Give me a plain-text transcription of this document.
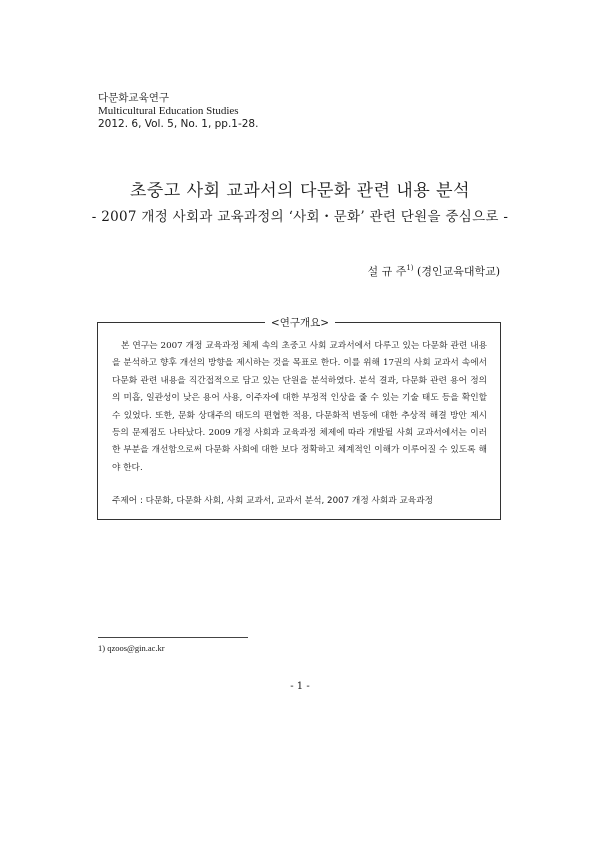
다문화교육연구
Multicultural Education Studies
2012. 6, Vol. 5, No. 1, pp.1-28.
초중고 사회 교과서의 다문화 관련 내용 분석
- 2007 개정 사회과 교육과정의 ‘사회・문화’ 관련 단원을 중심으로 -
설 규 주$^{1)}$ (경인교육대학교)
<연구개요>
본 연구는 2007 개정 교육과정 체제 속의 초중고 사회 교과서에서 다루고 있는 다문화 관련 내용을 분석하고 향후 개선의 방향을 제시하는 것을 목표로 한다. 이를 위해 17권의 사회 교과서 속에서 다문화 관련 내용을 직간접적으로 담고 있는 단원을 분석하였다. 분석 결과, 다문화 관련 용어 정의의 미흡, 일관성이 낮은 용어 사용, 이주자에 대한 부정적 인상을 줄 수 있는 기술 태도 등을 확인할 수 있었다. 또한, 문화 상대주의 태도의 편협한 적용, 다문화적 변동에 대한 추상적 해결 방안 제시 등의 문제점도 나타났다. 2009 개정 사회과 교육과정 체제에 따라 개발될 사회 교과서에서는 이러한 부분을 개선함으로써 다문화 사회에 대한 보다 정확하고 체계적인 이해가 이루어질 수 있도록 해야 한다.
주제어 : 다문화, 다문화 사회, 사회 교과서, 교과서 분석, 2007 개정 사회과 교육과정
1) qzoos@gin.ac.kr
- 1 -
